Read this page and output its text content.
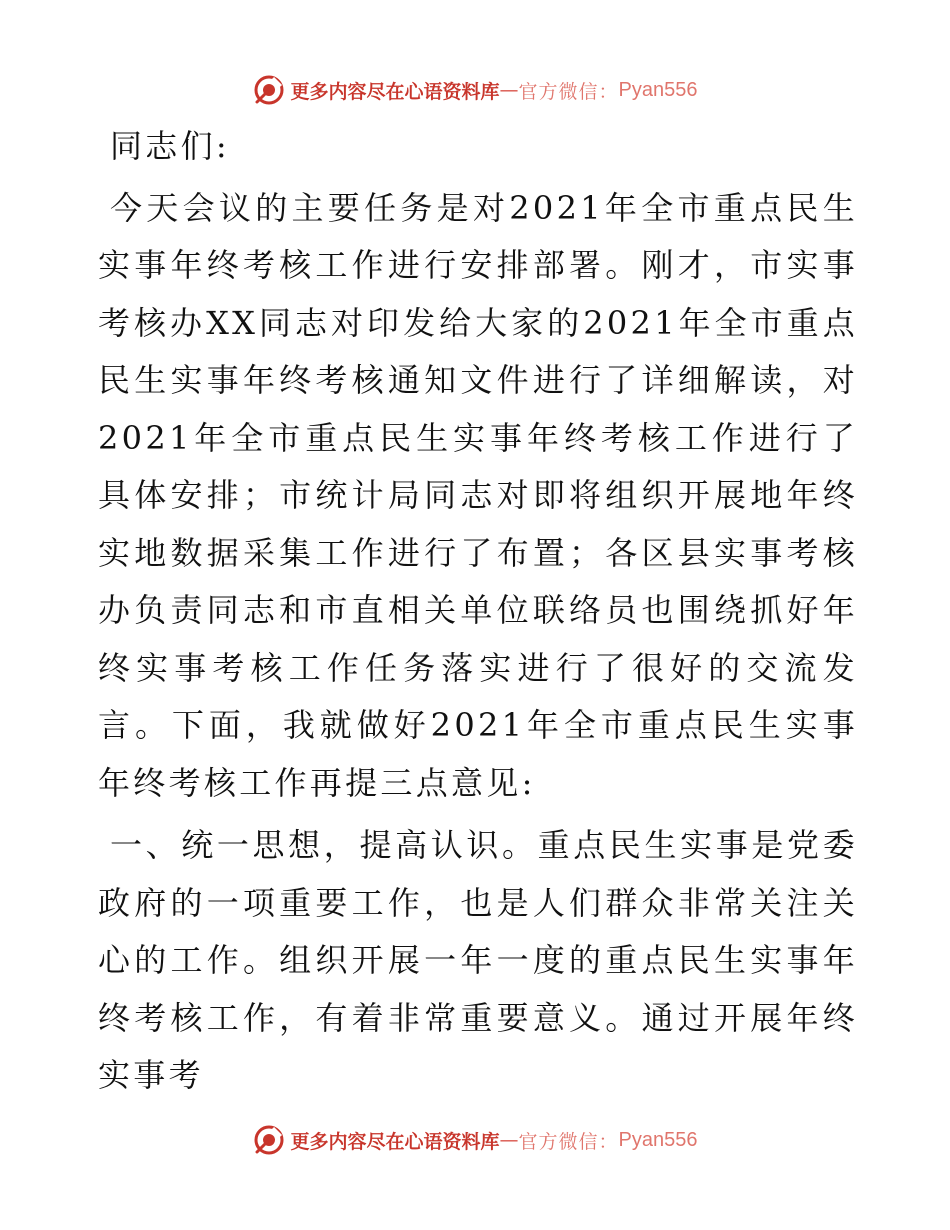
更多内容尽在心语资料库 — 官方微信： Pyan556

同志们:

今天会议的主要任务是对2021年全市重点民生实事年终考核工作进行安排部署。刚才，市实事考核办XX同志对印发给大家的2021年全市重点民生实事年终考核通知文件进行了详细解读，对2021年全市重点民生实事年终考核工作进行了具体安排；市统计局同志对即将组织开展地年终实地数据采集工作进行了布置；各区县实事考核办负责同志和市直相关单位联络员也围绕抓好年终实事考核工作任务落实进行了很好的交流发言。下面，我就做好2021年全市重点民生实事年终考核工作再提三点意见:

一、统一思想，提高认识。重点民生实事是党委政府的一项重要工作，也是人们群众非常关注关心的工作。组织开展一年一度的重点民生实事年终考核工作，有着非常重要意义。通过开展年终实事考

更多内容尽在心语资料库 — 官方微信： Pyan556
